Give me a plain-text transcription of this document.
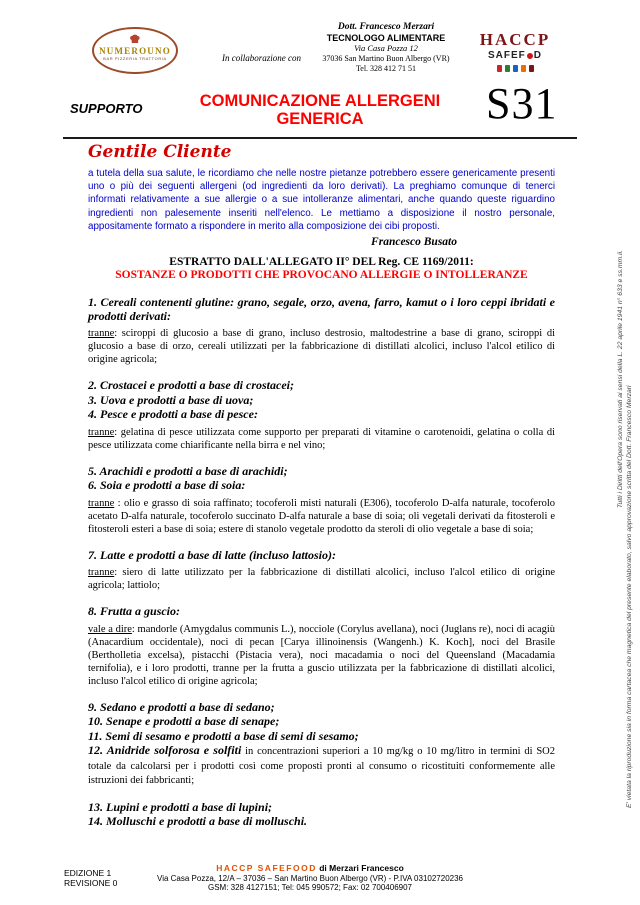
NUMEROUNO
BAR PIZZERIA TRATTORIA	In collaborazione con
Dott. Francesco Merzari
TECNOLOGO ALIMENTARE
Via Casa Pozza 12
37036 San Martino Buon Albergo (VR)
Tel. 328 412 71 51
HACCP
SAFEF D
SUPPORTO	COMUNICAZIONE ALLERGENI
GENERICA	S31
Gentile Cliente

a tutela della sua salute, le ricordiamo che nelle nostre pietanze potrebbero essere genericamente presenti uno o più dei seguenti allergeni (od ingredienti da loro derivati). La preghiamo comunque di tenerci informati relativamente a sue allergie o a sue intolleranze alimentari, anche quando queste riguardino ingredienti non palesemente inseriti nell'elenco. Le mettiamo a disposizione il nostro personale, appositamente formato a rispondere in merito alla composizione dei cibi proposti.

Francesco Busato
ESTRATTO DALL'ALLEGATO II° DEL Reg. CE 1169/2011:
SOSTANZE O PRODOTTI CHE PROVOCANO ALLERGIE O INTOLLERANZE

1. Cereali contenenti glutine: grano, segale, orzo, avena, farro, kamut o i loro ceppi ibridati e prodotti derivati:

tranne: sciroppi di glucosio a base di grano, incluso destrosio, maltodestrine a base di grano, sciroppi di glucosio a base di orzo, cereali utilizzati per la fabbricazione di distillati alcolici, incluso l'alcol etilico di origine agricola;

2. Crostacei e prodotti a base di crostacei;

3. Uova e prodotti a base di uova;

4. Pesce e prodotti a base di pesce:

tranne: gelatina di pesce utilizzata come supporto per preparati di vitamine o carotenoidi, gelatina o colla di pesce utilizzata come chiarificante nella birra e nel vino;

5. Arachidi e prodotti a base di arachidi;

6. Soia e prodotti a base di soia:

tranne : olio e grasso di soia raffinato; tocoferoli misti naturali (E306), tocoferolo D-alfa naturale, tocoferolo acetato D-alfa naturale, tocoferolo succinato D-alfa naturale a base di soia; oli vegetali derivati da fitosteroli e fitosteroli esteri a base di soia; estere di stanolo vegetale prodotto da steroli di olio vegetale a base di soia;

7. Latte e prodotti a base di latte (incluso lattosio):

tranne: siero di latte utilizzato per la fabbricazione di distillati alcolici, incluso l'alcol etilico di origine agricola; lattiolo;

8. Frutta a guscio:

vale a dire: mandorle (Amygdalus communis L.), nocciole (Corylus avellana), noci (Juglans re), noci di acagiù (Anacardium occidentale), noci di pecan [Carya illinoinensis (Wangenh.) K. Koch], noci del Brasile (Bertholletia excelsa), pistacchi (Pistacia vera), noci macadamia o noci del Queensland (Macadamia ternifolia), e i loro prodotti, tranne per la frutta a guscio utilizzata per la fabbricazione di distillati alcolici, incluso l'alcol etilico di origine agricola;

9. Sedano e prodotti a base di sedano;

10. Senape e prodotti a base di senape;

11. Semi di sesamo e prodotti a base di semi di sesamo;

12. Anidride solforosa e solfiti in concentrazioni superiori a 10 mg/kg o 10 mg/litro in termini di SO2 totale da calcolarsi per i prodotti così come proposti pronti al consumo o ricostituiti conformemente alle istruzioni dei fabbricanti;

13. Lupini e prodotti a base di lupini;

14. Molluschi e prodotti a base di molluschi.

Tutti i Diritti dell'Opera sono riservati ai sensi della L. 22 aprile 1941 n° 633 e ss.mm.ii.
E' vietata la riproduzione sia in forma cartacea che magnetica del presente elaborato, salvo approvazione scritta del Dott. Francesco Merzari
EDIZIONE 1
REVISIONE 0
HACCP SAFEFOOD di Merzari Francesco
Via Casa Pozza, 12/A – 37036 – San Martino Buon Albergo (VR) - P.IVA 03102720236
GSM: 328 4127151; Tel: 045 990572; Fax: 02 700406907
